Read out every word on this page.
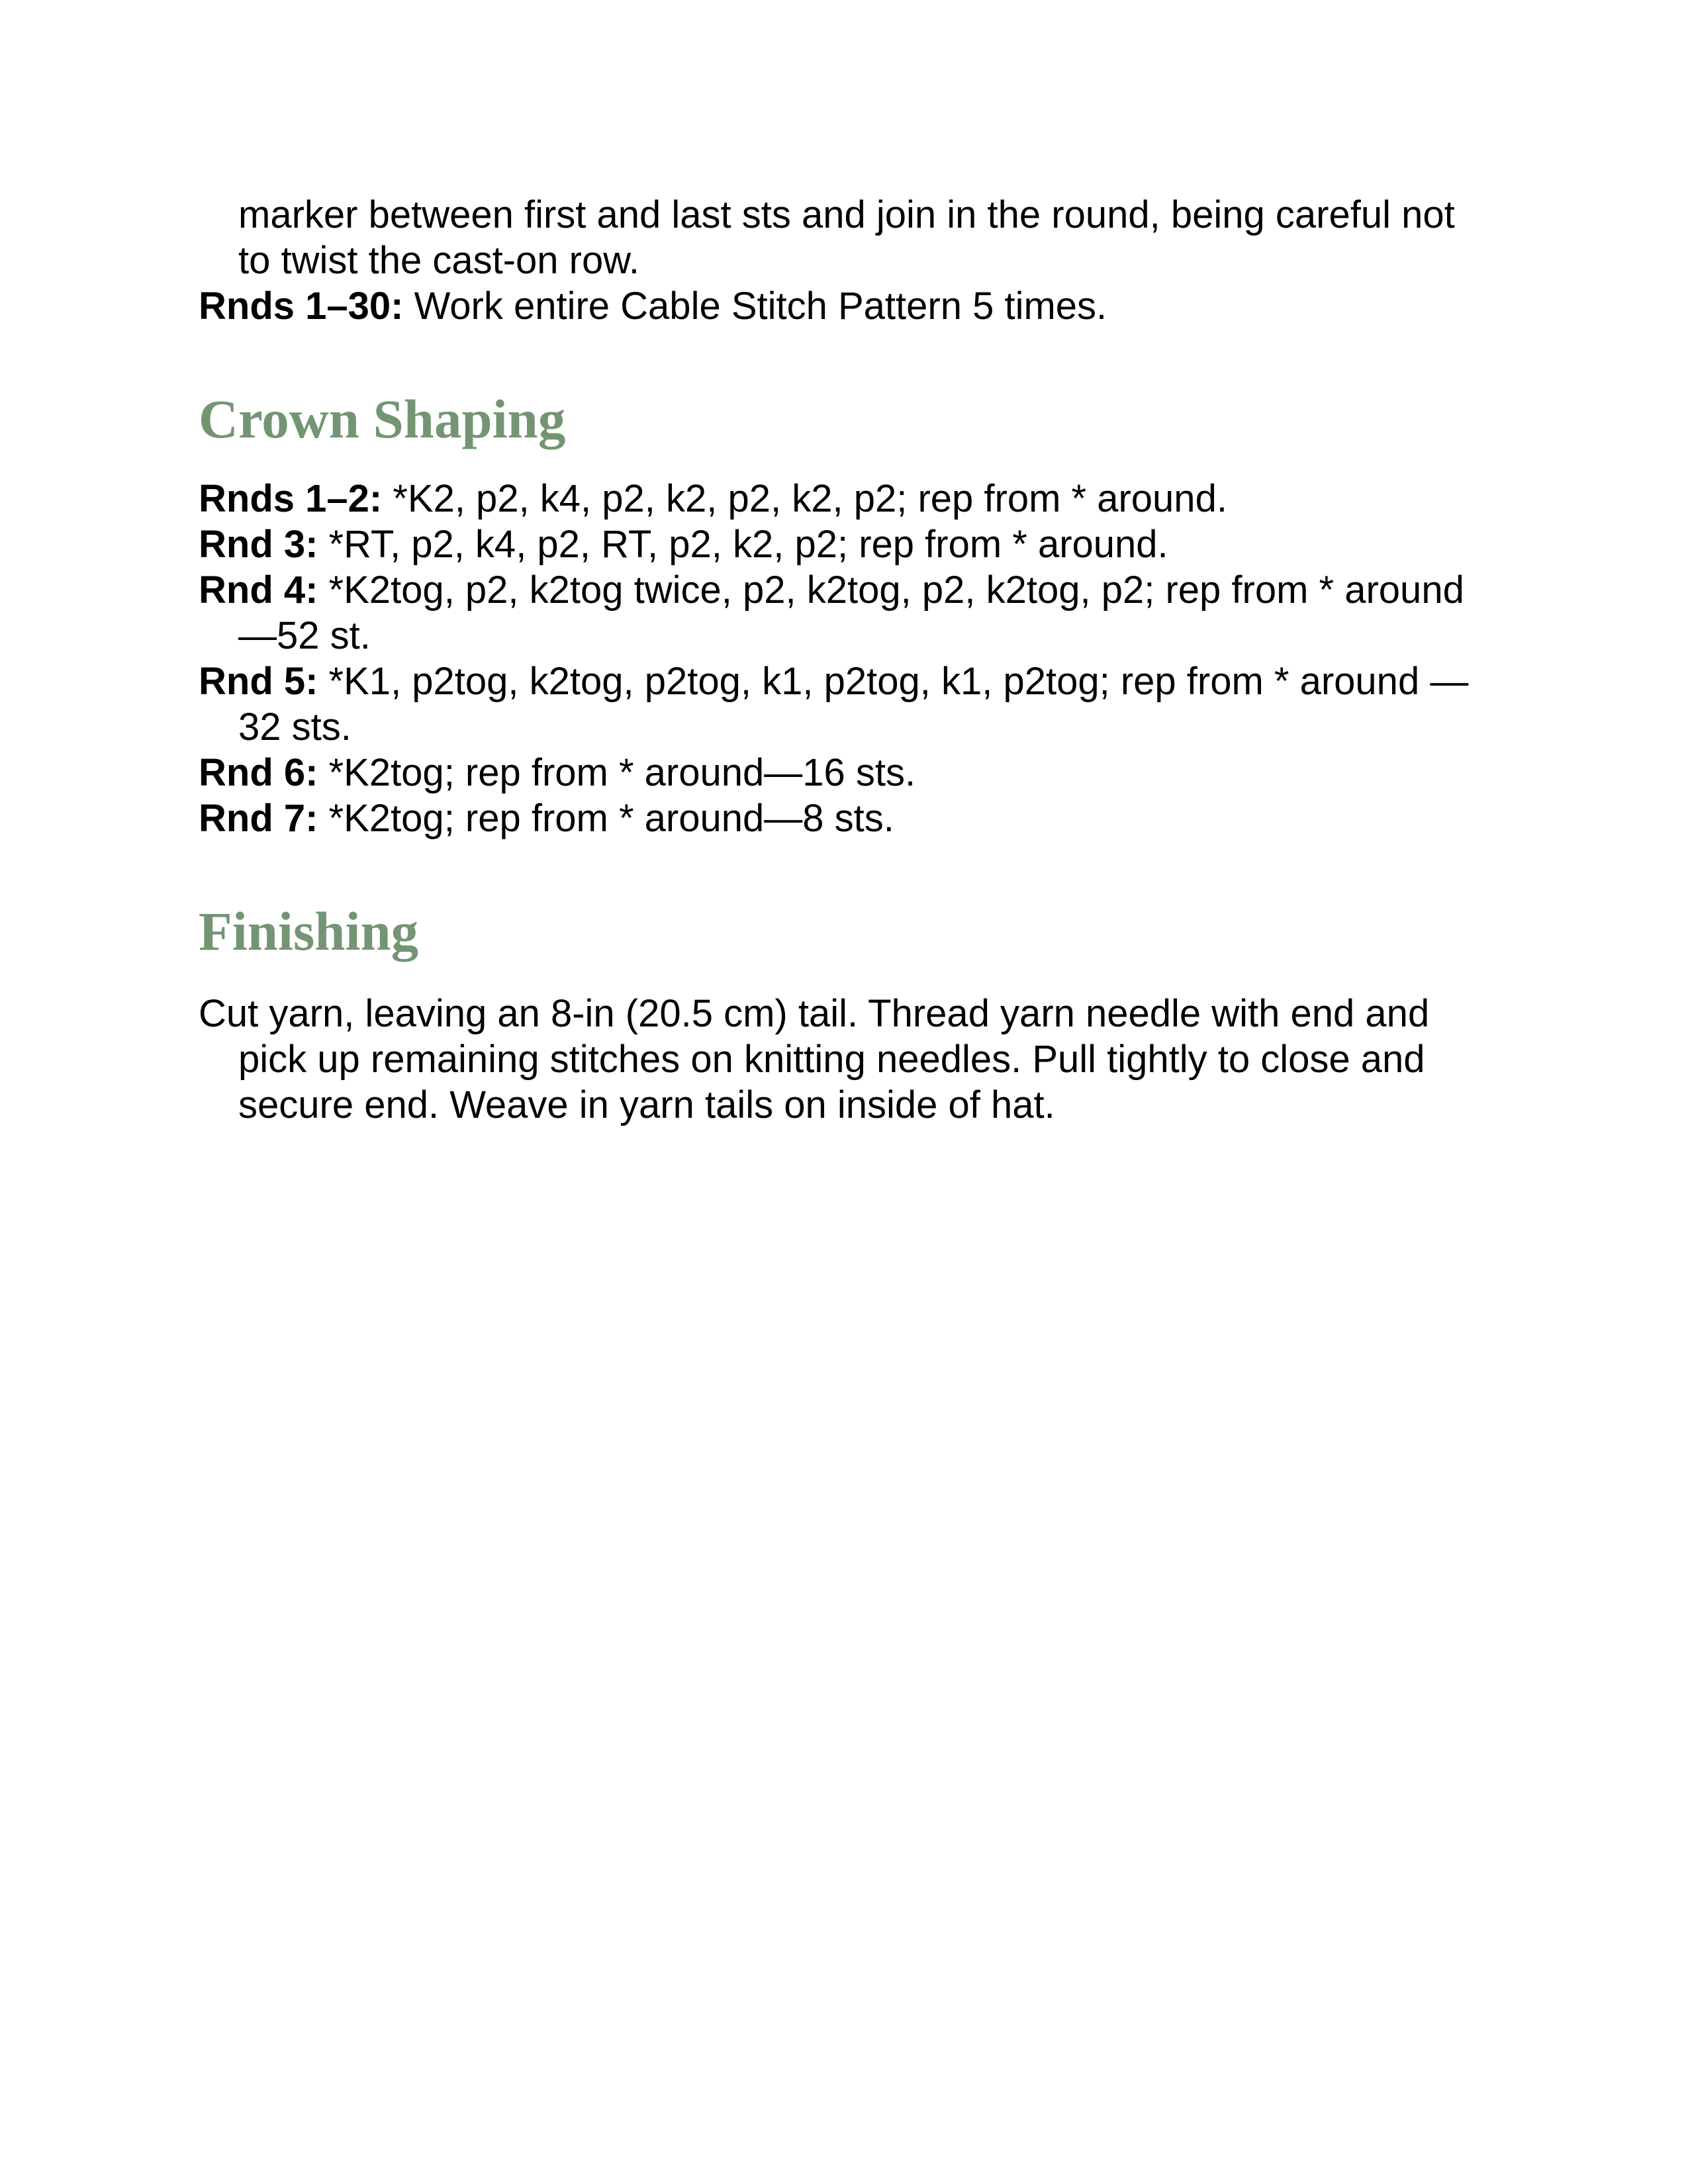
marker between first and last sts and join in the round, being careful not to twist the cast-on row.

Rnds 1–30: Work entire Cable Stitch Pattern 5 times.

Crown Shaping

Rnds 1–2: *K2, p2, k4, p2, k2, p2, k2, p2; rep from * around.

Rnd 3: *RT, p2, k4, p2, RT, p2, k2, p2; rep from * around.

Rnd 4: *K2tog, p2, k2tog twice, p2, k2tog, p2, k2tog, p2; rep from * around—52 st.

Rnd 5: *K1, p2tog, k2tog, p2tog, k1, p2tog, k1, p2tog; rep from * around —32 sts.

Rnd 6: *K2tog; rep from * around—16 sts.

Rnd 7: *K2tog; rep from * around—8 sts.

Finishing

Cut yarn, leaving an 8-in (20.5 cm) tail. Thread yarn needle with end and pick up remaining stitches on knitting needles. Pull tightly to close and secure end. Weave in yarn tails on inside of hat.
